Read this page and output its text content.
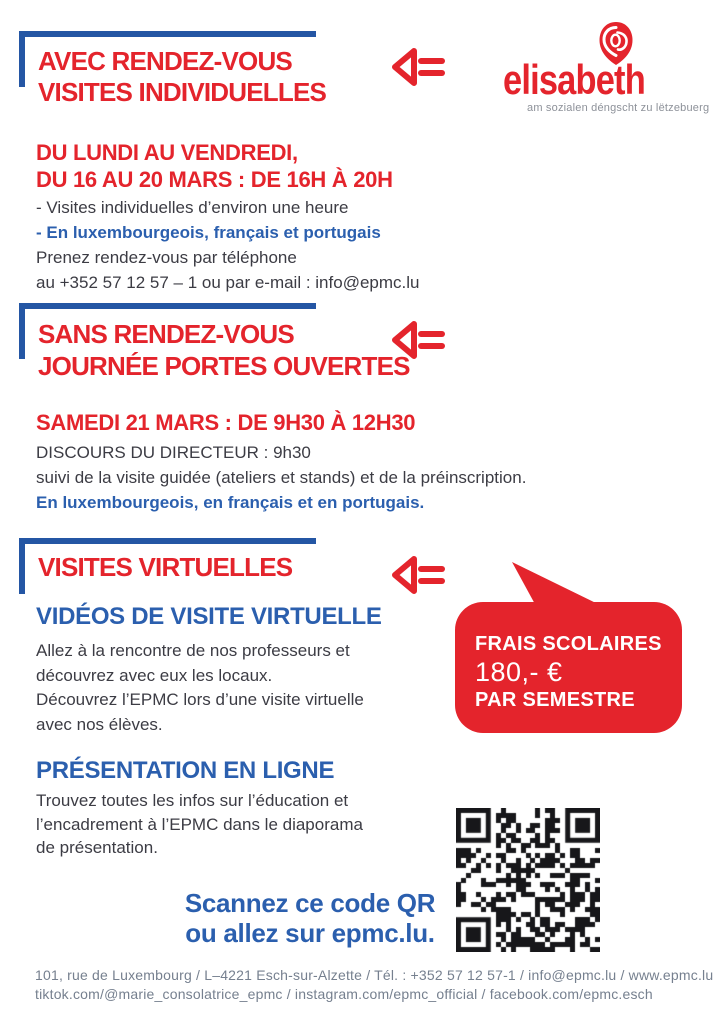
AVEC RENDEZ-VOUS
VISITES INDIVIDUELLES	elisabeth
am sozialen déngscht zu lëtzebuerg
DU LUNDI AU VENDREDI,
DU 16 AU 20 MARS : DE 16H À 20H
- Visites individuelles d’environ une heure
- En luxembourgeois, français et portugais
Prenez rendez-vous par téléphone
au +352 57 12 57 – 1 ou par e-mail : info@epmc.lu
SANS RENDEZ-VOUS
JOURNÉE PORTES OUVERTES
SAMEDI 21 MARS : DE 9H30 À 12H30
DISCOURS DU DIRECTEUR : 9h30
suivi de la visite guidée (ateliers et stands) et de la préinscription.
En luxembourgeois, en français et en portugais.
VISITES VIRTUELLES
VIDÉOS DE VISITE VIRTUELLE
Allez à la rencontre de nos professeurs et
découvrez avec eux les locaux.
Découvrez l’EPMC lors d’une visite virtuelle
avec nos élèves.
FRAIS SCOLAIRES
180,- €
PAR SEMESTRE
PRÉSENTATION EN LIGNE
Trouvez toutes les infos sur l’éducation et
l’encadrement à l’EPMC dans le diaporama
de présentation.

Scannez ce code QR
ou allez sur epmc.lu.

101, rue de Luxembourg / L–4221 Esch-sur-Alzette / Tél. : +352 57 12 57-1 / info@epmc.lu / www.epmc.lu
tiktok.com/@marie_consolatrice_epmc / instagram.com/epmc_official / facebook.com/epmc.esch
